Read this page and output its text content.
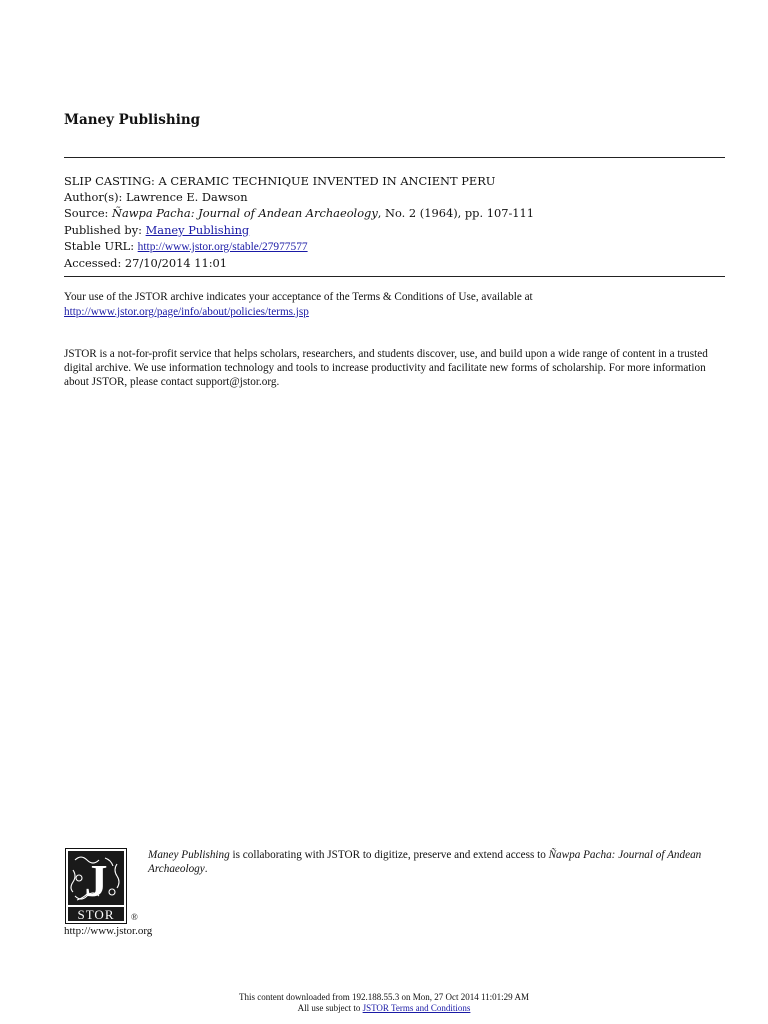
Maney Publishing
SLIP CASTING: A CERAMIC TECHNIQUE INVENTED IN ANCIENT PERU
Author(s): Lawrence E. Dawson
Source: Ñawpa Pacha: Journal of Andean Archaeology, No. 2 (1964), pp. 107-111
Published by: Maney Publishing
Stable URL: http://www.jstor.org/stable/27977577
Accessed: 27/10/2014 11:01
Your use of the JSTOR archive indicates your acceptance of the Terms & Conditions of Use, available at
http://www.jstor.org/page/info/about/policies/terms.jsp
JSTOR is a not-for-profit service that helps scholars, researchers, and students discover, use, and build upon a wide range of content in a trusted digital archive. We use information technology and tools to increase productivity and facilitate new forms of scholarship. For more information about JSTOR, please contact support@jstor.org.
J
STOR ®
Maney Publishing is collaborating with JSTOR to digitize, preserve and extend access to Ñawpa Pacha: Journal of Andean Archaeology.
http://www.jstor.org
This content downloaded from 192.188.55.3 on Mon, 27 Oct 2014 11:01:29 AM
All use subject to JSTOR Terms and Conditions
